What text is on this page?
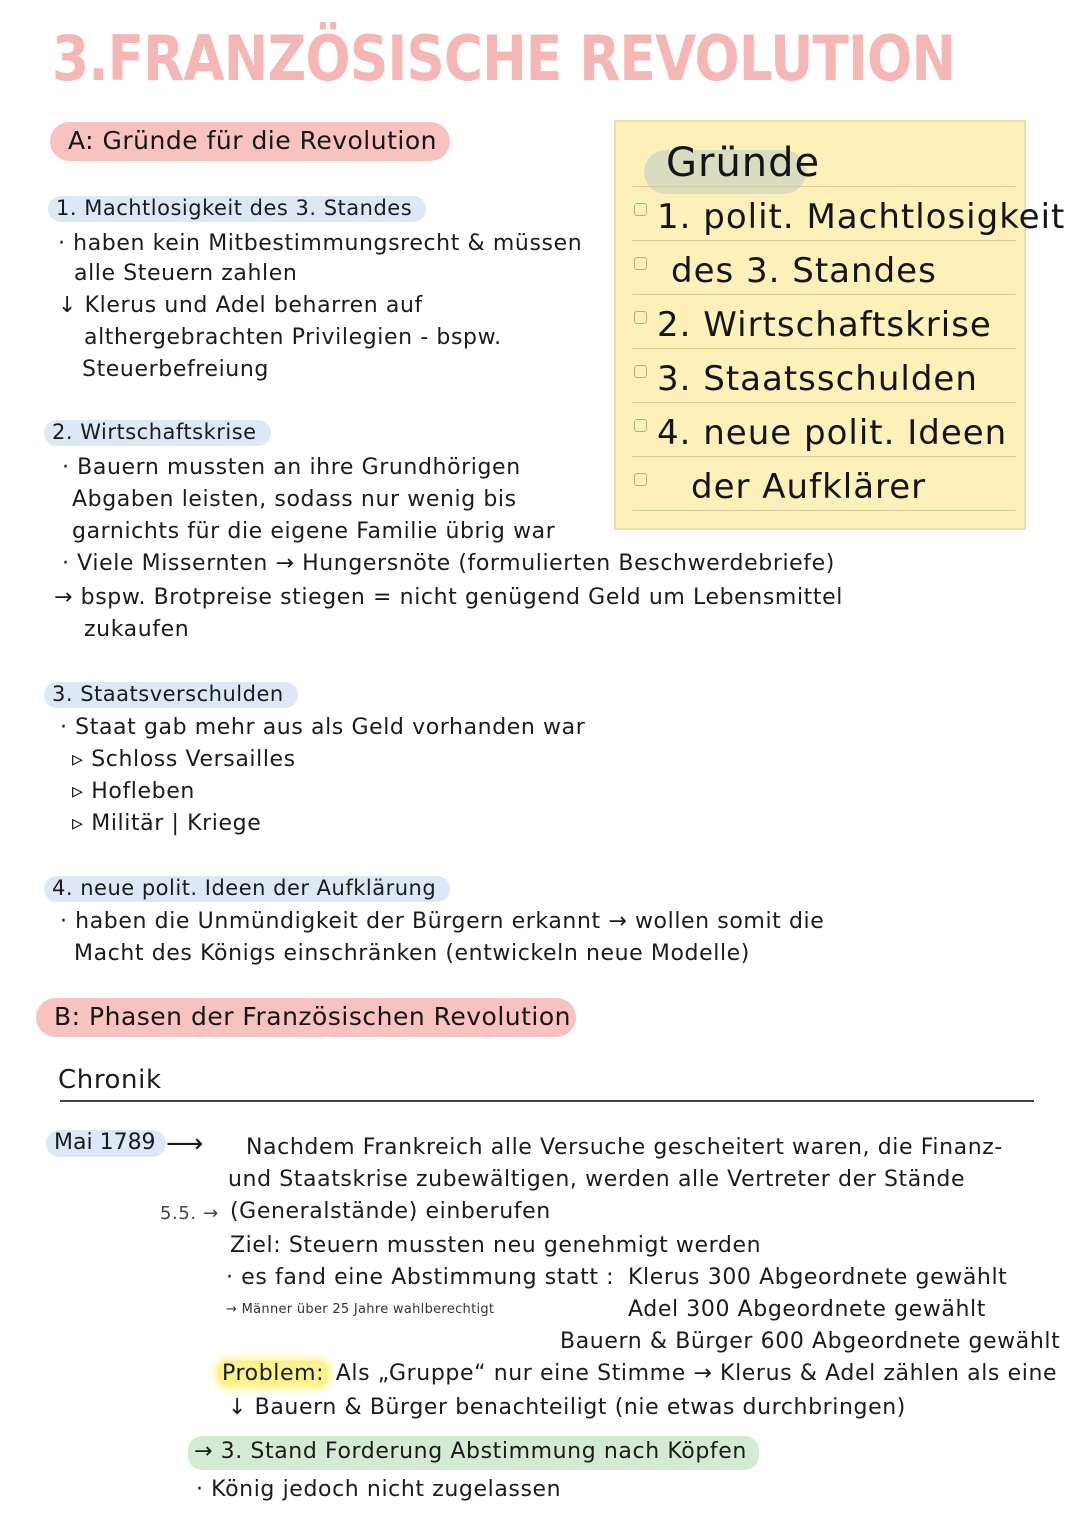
3.FRANZÖSISCHE REVOLUTION
A: Gründe für die Revolution
1. Machtlosigkeit des 3. Standes
· haben kein Mitbestimmungsrecht & müssen
alle Steuern zahlen
↓ Klerus und Adel beharren auf
althergebrachten Privilegien - bspw.
Steuerbefreiung
2. Wirtschaftskrise
· Bauern mussten an ihre Grundhörigen
Abgaben leisten, sodass nur wenig bis
garnichts für die eigene Familie übrig war
· Viele Missernten → Hungersnöte (formulierten Beschwerdebriefe)
→ bspw. Brotpreise stiegen = nicht genügend Geld um Lebensmittel
zukaufen
3. Staatsverschulden
· Staat gab mehr aus als Geld vorhanden war
▹ Schloss Versailles
▹ Hofleben
▹ Militär | Kriege
4. neue polit. Ideen der Aufklärung
· haben die Unmündigkeit der Bürgern erkannt → wollen somit die
Macht des Königs einschränken (entwickeln neue Modelle)
Gründe
1. polit. Machtlosigkeit
des 3. Standes
2. Wirtschaftskrise
3. Staatsschulden
4. neue polit. Ideen
der Aufklärer
B: Phasen der Französischen Revolution
Chronik
Mai 1789 ⟶ Nachdem Frankreich alle Versuche gescheitert waren, die Finanz-
und Staatskrise zubewältigen, werden alle Vertreter der Stände
5.5. → (Generalstände) einberufen
Ziel: Steuern mussten neu genehmigt werden
· es fand eine Abstimmung statt : Klerus 300 Abgeordnete gewählt
→ Männer über 25 Jahre wahlberechtigt	Adel 300 Abgeordnete gewählt
Bauern & Bürger 600 Abgeordnete gewählt
Problem: Als „Gruppe“ nur eine Stimme → Klerus & Adel zählen als eine
↓ Bauern & Bürger benachteiligt (nie etwas durchbringen)
→ 3. Stand Forderung Abstimmung nach Köpfen
· König jedoch nicht zugelassen
